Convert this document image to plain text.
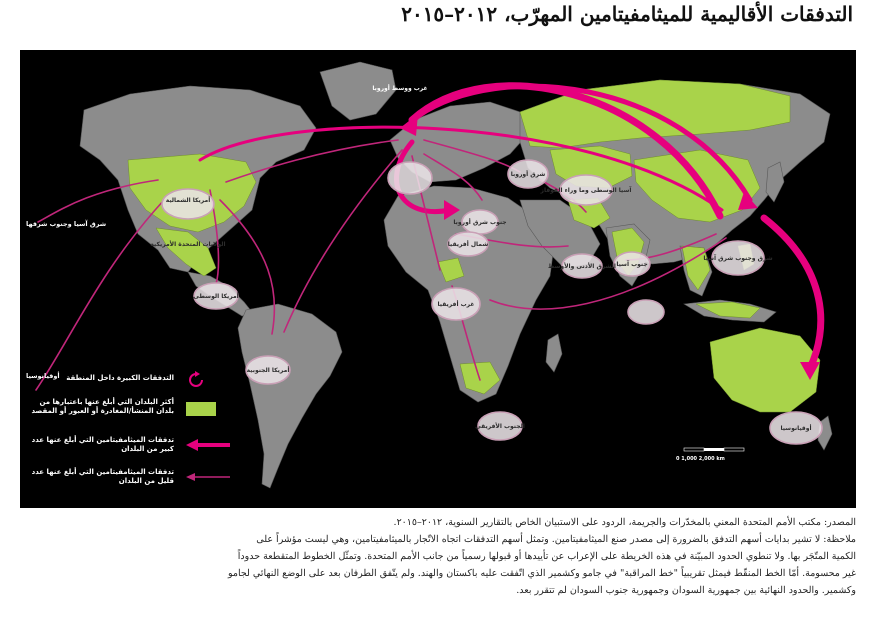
التدفقات الأقاليمية للميثامفيتامين المهرّب، ٢٠١٢–٢٠١٥
أمريكا الشمالية
الولايات المتحدة الأمريكية
أمريكا الوسطى
أمريكا الجنوبية
غرب ووسط أوروبا
شرق أوروبا
جنوب شرق أوروبا
آسيا الوسطى وما وراء القوقاز
شمال أفريقيا
غرب أفريقيا
الجنوب الأفريقي
الشرق الأدنى والأوسط جنوب آسيا
شرق وجنوب شرق آسيا
أوقيانوسيا
شرق آسيا وجنوب شرقها
أوقيانوسيا
0 1,000 2,000 km
التدفقات الكبيرة داخل المنطقة
أكثر البلدان التي أبلغ عنها باعتبارها من بلدان المنشأ/المغادرة أو العبور أو المقصد
تدفقات الميثامفيتامين التي أبلغ عنها عدد كبير من البلدان
تدفقات الميثامفيتامين التي أبلغ عنها عدد قليل من البلدان

المصدر: مكتب الأمم المتحدة المعني بالمخدّرات والجريمة، الردود على الاستبيان الخاص بالتقارير السنوية، ٢٠١٢–٢٠١٥.

ملاحظة: لا تشير بدايات أسهم التدفق بالضرورة إلى مصدر صنع الميثامفيتامين. وتمثل أسهم التدفقات اتجاه الاتّجار بالميثامفيتامين، وهي ليست مؤشراً على

الكمية المتّجَر بها. ولا تنطوي الحدود المبيّنة في هذه الخريطة على الإعراب عن تأييدها أو قبولها رسمياً من جانب الأمم المتحدة. وتمثّل الخطوط المتقطعة حدوداً

غير محسومة. أمّا الخط المنقّط فيمثل تقريبياً "خط المراقبة" في جامو وكشمير الذي اتّفقت عليه باكستان والهند. ولم يتّفق الطرفان بعد على الوضع النهائي لجامو

وكشمير. والحدود النهائية بين جمهورية السودان وجمهورية جنوب السودان لم تتقرر بعد.
